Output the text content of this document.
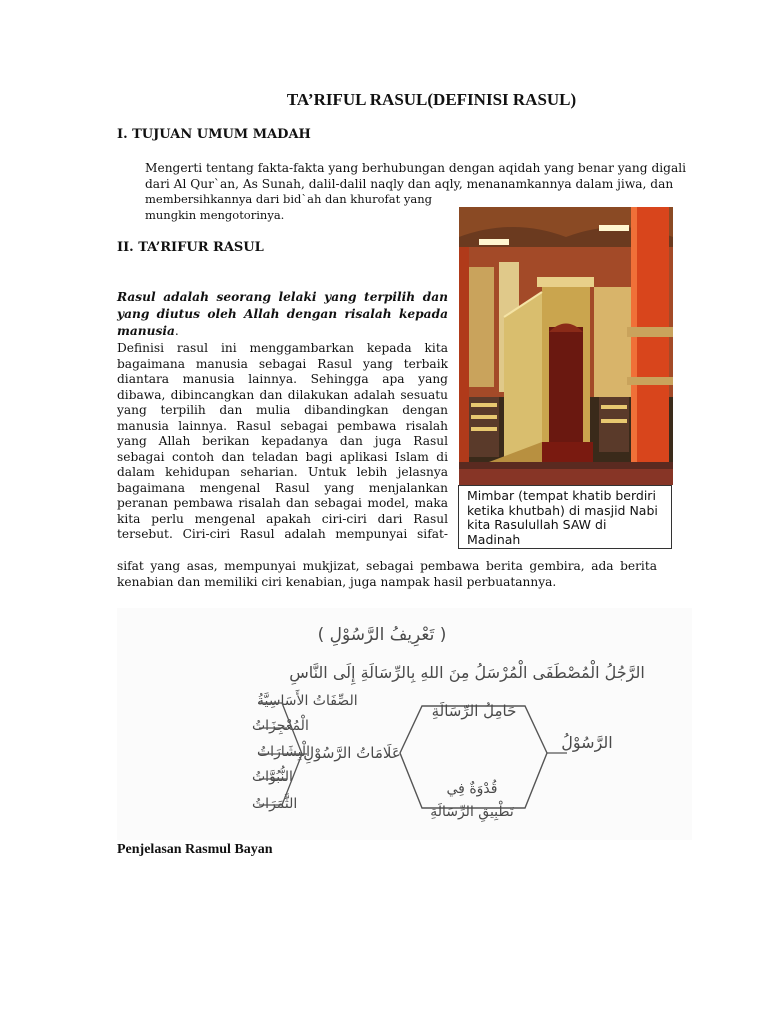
TA’RIFUL RASUL(DEFINISI RASUL)
I. TUJUAN UMUM MADAH
Mengerti tentang fakta-fakta yang berhubungan dengan aqidah yang benar yang digali
dari Al Qur`an, As Sunah, dalil-dalil naqly dan aqly, menanamkannya dalam jiwa, dan
membersihkannya dari bid`ah dan khurofat yang
mungkin mengotorinya.
II. TA’RIFUR RASUL
Rasul adalah seorang lelaki yang terpilih dan yang diutus oleh Allah dengan risalah kepada manusia.
Definisi rasul ini menggambarkan kepada kita
bagaimana manusia sebagai Rasul yang terbaik
diantara manusia lainnya. Sehingga apa yang
dibawa, dibincangkan dan dilakukan adalah sesuatu
yang terpilih dan mulia dibandingkan dengan
manusia lainnya. Rasul sebagai pembawa risalah
yang Allah berikan kepadanya dan juga Rasul
sebagai contoh dan teladan bagi aplikasi Islam di
dalam kehidupan seharian. Untuk lebih jelasnya
bagaimana mengenal Rasul yang menjalankan
peranan pembawa risalah dan sebagai model, maka
kita perlu mengenal apakah ciri-ciri dari Rasul
tersebut. Ciri-ciri Rasul adalah mempunyai sifat-
sifat yang asas, mempunyai mukjizat, sebagai pembawa berita gembira, ada berita kenabian dan memiliki ciri kenabian, juga nampak hasil perbuatannya.
Mimbar (tempat khatib berdiri ketika khutbah) di masjid Nabi kita Rasulullah SAW di Madinah
( تَعْرِيفُ الرَّسُوْلِ )
الرَّجُلُ الْمُصْطَفَى الْمُرْسَلُ مِنَ اللهِ بِالرِّسَالَةِ إِلَى النَّاسِ
الصِّفَاتُ الأَسَاسِيَّةُ
الْمُعْجِزَاتُ
الْبِشَارَاتُ
النُّبُوَّاتُ
الثَّمَرَاتُ
عَلَامَاتُ الرَّسُوْلِ
حَامِلُ الرِّسَالَةِ
قُدْوَةٌ فِي
تَطْبِيقِ الرِّسَالَةِ
الرَّسُوْلُ
Penjelasan Rasmul Bayan
